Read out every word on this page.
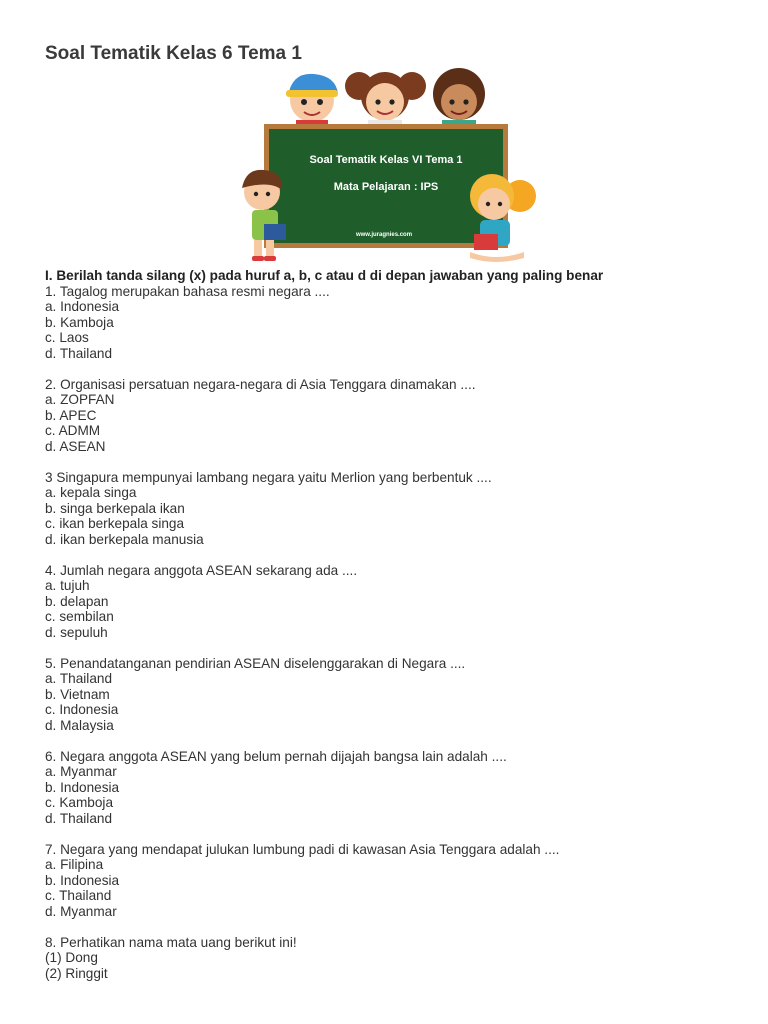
Soal Tematik Kelas 6 Tema 1
Soal Tematik Kelas VI Tema 1
Mata Pelajaran : IPS
www.juragnies.com
I. Berilah tanda silang (x) pada huruf a, b, c atau d di depan jawaban yang paling benar
1. Tagalog merupakan bahasa resmi negara ....
a. Indonesia
b. Kamboja
c. Laos
d. Thailand
2. Organisasi persatuan negara-negara di Asia Tenggara dinamakan ....
a. ZOPFAN
b. APEC
c. ADMM
d. ASEAN
3 Singapura mempunyai lambang negara yaitu Merlion yang berbentuk ....
a. kepala singa
b. singa berkepala ikan
c. ikan berkepala singa
d. ikan berkepala manusia
4. Jumlah negara anggota ASEAN sekarang ada ....
a. tujuh
b. delapan
c. sembilan
d. sepuluh
5. Penandatanganan pendirian ASEAN diselenggarakan di Negara ....
a. Thailand
b. Vietnam
c. Indonesia
d. Malaysia
6. Negara anggota ASEAN yang belum pernah dijajah bangsa lain adalah ....
a. Myanmar
b. Indonesia
c. Kamboja
d. Thailand
7. Negara yang mendapat julukan lumbung padi di kawasan Asia Tenggara adalah ....
a. Filipina
b. Indonesia
c. Thailand
d. Myanmar
8. Perhatikan nama mata uang berikut ini!
(1) Dong
(2) Ringgit
